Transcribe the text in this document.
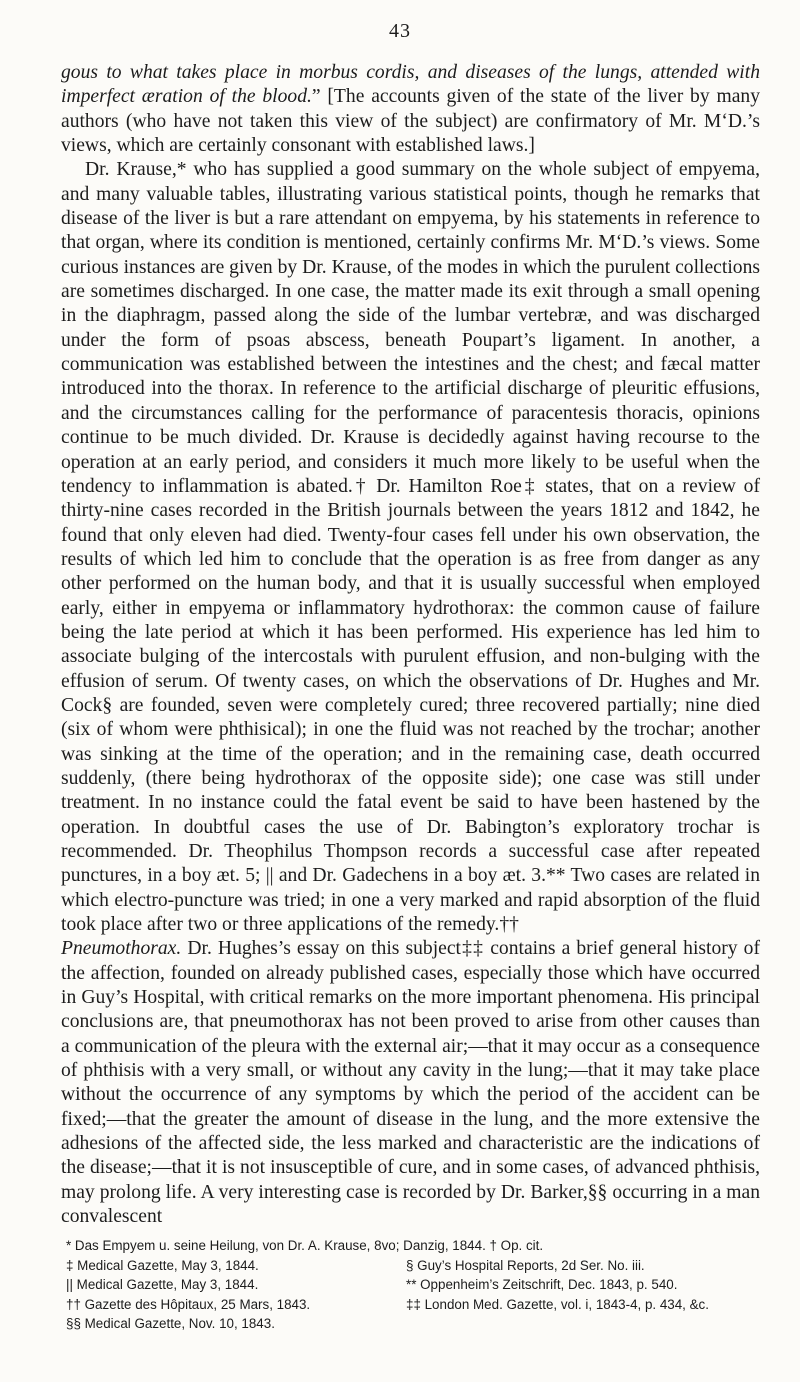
43

gous to what takes place in morbus cordis, and diseases of the lungs, attended with imperfect æration of the blood.” [The accounts given of the state of the liver by many authors (who have not taken this view of the subject) are confirmatory of Mr. M‘D.’s views, which are certainly consonant with established laws.]

Dr. Krause,* who has supplied a good summary on the whole subject of empyema, and many valuable tables, illustrating various statistical points, though he remarks that disease of the liver is but a rare attendant on empyema, by his statements in reference to that organ, where its condition is mentioned, certainly confirms Mr. M‘D.’s views. Some curious instances are given by Dr. Krause, of the modes in which the purulent collections are sometimes discharged. In one case, the matter made its exit through a small opening in the diaphragm, passed along the side of the lumbar vertebræ, and was discharged under the form of psoas abscess, beneath Poupart’s ligament. In another, a communication was established between the intestines and the chest; and fæcal matter introduced into the thorax. In reference to the artificial discharge of pleuritic effusions, and the circumstances calling for the performance of paracentesis thoracis, opinions continue to be much divided. Dr. Krause is decidedly against having recourse to the operation at an early period, and considers it much more likely to be useful when the tendency to inflammation is abated.† Dr. Hamilton Roe‡ states, that on a review of thirty-nine cases recorded in the British journals between the years 1812 and 1842, he found that only eleven had died. Twenty-four cases fell under his own observation, the results of which led him to conclude that the operation is as free from danger as any other performed on the human body, and that it is usually successful when employed early, either in empyema or inflammatory hydrothorax: the common cause of failure being the late period at which it has been performed. His experience has led him to associate bulging of the intercostals with purulent effusion, and non-bulging with the effusion of serum. Of twenty cases, on which the observations of Dr. Hughes and Mr. Cock§ are founded, seven were completely cured; three recovered partially; nine died (six of whom were phthisical); in one the fluid was not reached by the trochar; another was sinking at the time of the operation; and in the remaining case, death occurred suddenly, (there being hydrothorax of the opposite side); one case was still under treatment. In no instance could the fatal event be said to have been hastened by the operation. In doubtful cases the use of Dr. Babington’s exploratory trochar is recommended. Dr. Theophilus Thompson records a successful case after repeated punctures, in a boy æt. 5; || and Dr. Gadechens in a boy æt. 3.** Two cases are related in which electro-puncture was tried; in one a very marked and rapid absorption of the fluid took place after two or three applications of the remedy.††

Pneumothorax. Dr. Hughes’s essay on this subject‡‡ contains a brief general history of the affection, founded on already published cases, especially those which have occurred in Guy’s Hospital, with critical remarks on the more important phenomena. His principal conclusions are, that pneumothorax has not been proved to arise from other causes than a communication of the pleura with the external air;—that it may occur as a consequence of phthisis with a very small, or without any cavity in the lung;—that it may take place without the occurrence of any symptoms by which the period of the accident can be fixed;—that the greater the amount of disease in the lung, and the more extensive the adhesions of the affected side, the less marked and characteristic are the indications of the disease;—that it is not insusceptible of cure, and in some cases, of advanced phthisis, may prolong life. A very interesting case is recorded by Dr. Barker,§§ occurring in a man convalescent

* Das Empyem u. seine Heilung, von Dr. A. Krause, 8vo; Danzig, 1844. † Op. cit.
‡ Medical Gazette, May 3, 1844.	§ Guy’s Hospital Reports, 2d Ser. No. iii.
|| Medical Gazette, May 3, 1844.	** Oppenheim’s Zeitschrift, Dec. 1843, p. 540.
†† Gazette des Hôpitaux, 25 Mars, 1843.	‡‡ London Med. Gazette, vol. i, 1843-4, p. 434, &c.
§§ Medical Gazette, Nov. 10, 1843.
